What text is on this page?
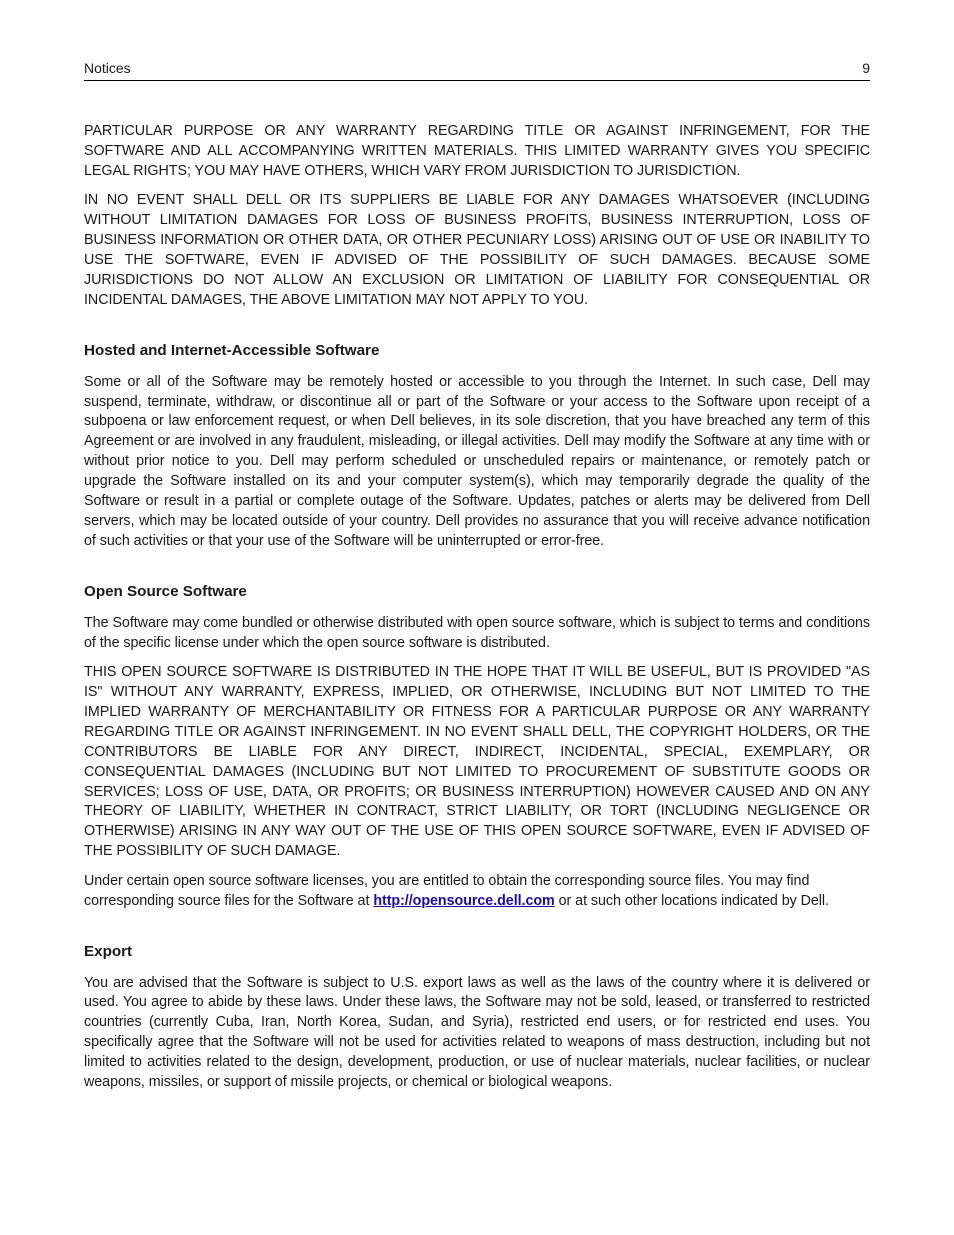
Notices	9

PARTICULAR PURPOSE OR ANY WARRANTY REGARDING TITLE OR AGAINST INFRINGEMENT, FOR THE SOFTWARE AND ALL ACCOMPANYING WRITTEN MATERIALS. THIS LIMITED WARRANTY GIVES YOU SPECIFIC LEGAL RIGHTS; YOU MAY HAVE OTHERS, WHICH VARY FROM JURISDICTION TO JURISDICTION.

IN NO EVENT SHALL DELL OR ITS SUPPLIERS BE LIABLE FOR ANY DAMAGES WHATSOEVER (INCLUDING WITHOUT LIMITATION DAMAGES FOR LOSS OF BUSINESS PROFITS, BUSINESS INTERRUPTION, LOSS OF BUSINESS INFORMATION OR OTHER DATA, OR OTHER PECUNIARY LOSS) ARISING OUT OF USE OR INABILITY TO USE THE SOFTWARE, EVEN IF ADVISED OF THE POSSIBILITY OF SUCH DAMAGES. BECAUSE SOME JURISDICTIONS DO NOT ALLOW AN EXCLUSION OR LIMITATION OF LIABILITY FOR CONSEQUENTIAL OR INCIDENTAL DAMAGES, THE ABOVE LIMITATION MAY NOT APPLY TO YOU.

Hosted and Internet-Accessible Software

Some or all of the Software may be remotely hosted or accessible to you through the Internet. In such case, Dell may suspend, terminate, withdraw, or discontinue all or part of the Software or your access to the Software upon receipt of a subpoena or law enforcement request, or when Dell believes, in its sole discretion, that you have breached any term of this Agreement or are involved in any fraudulent, misleading, or illegal activities. Dell may modify the Software at any time with or without prior notice to you. Dell may perform scheduled or unscheduled repairs or maintenance, or remotely patch or upgrade the Software installed on its and your computer system(s), which may temporarily degrade the quality of the Software or result in a partial or complete outage of the Software. Updates, patches or alerts may be delivered from Dell servers, which may be located outside of your country. Dell provides no assurance that you will receive advance notification of such activities or that your use of the Software will be uninterrupted or error-free.

Open Source Software

The Software may come bundled or otherwise distributed with open source software, which is subject to terms and conditions of the specific license under which the open source software is distributed.

THIS OPEN SOURCE SOFTWARE IS DISTRIBUTED IN THE HOPE THAT IT WILL BE USEFUL, BUT IS PROVIDED "AS IS" WITHOUT ANY WARRANTY, EXPRESS, IMPLIED, OR OTHERWISE, INCLUDING BUT NOT LIMITED TO THE IMPLIED WARRANTY OF MERCHANTABILITY OR FITNESS FOR A PARTICULAR PURPOSE OR ANY WARRANTY REGARDING TITLE OR AGAINST INFRINGEMENT. IN NO EVENT SHALL DELL, THE COPYRIGHT HOLDERS, OR THE CONTRIBUTORS BE LIABLE FOR ANY DIRECT, INDIRECT, INCIDENTAL, SPECIAL, EXEMPLARY, OR CONSEQUENTIAL DAMAGES (INCLUDING BUT NOT LIMITED TO PROCUREMENT OF SUBSTITUTE GOODS OR SERVICES; LOSS OF USE, DATA, OR PROFITS; OR BUSINESS INTERRUPTION) HOWEVER CAUSED AND ON ANY THEORY OF LIABILITY, WHETHER IN CONTRACT, STRICT LIABILITY, OR TORT (INCLUDING NEGLIGENCE OR OTHERWISE) ARISING IN ANY WAY OUT OF THE USE OF THIS OPEN SOURCE SOFTWARE, EVEN IF ADVISED OF THE POSSIBILITY OF SUCH DAMAGE.

Under certain open source software licenses, you are entitled to obtain the corresponding source files. You may find corresponding source files for the Software at http://opensource.dell.com or at such other locations indicated by Dell.

Export

You are advised that the Software is subject to U.S. export laws as well as the laws of the country where it is delivered or used. You agree to abide by these laws. Under these laws, the Software may not be sold, leased, or transferred to restricted countries (currently Cuba, Iran, North Korea, Sudan, and Syria), restricted end users, or for restricted end uses. You specifically agree that the Software will not be used for activities related to weapons of mass destruction, including but not limited to activities related to the design, development, production, or use of nuclear materials, nuclear facilities, or nuclear weapons, missiles, or support of missile projects, or chemical or biological weapons.
